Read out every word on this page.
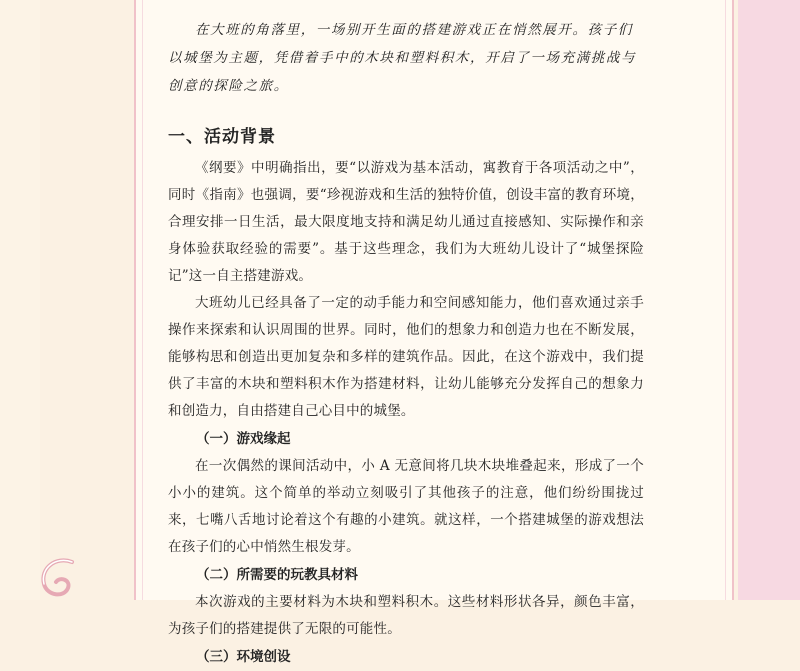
在大班的角落里，一场别开生面的搭建游戏正在悄然展开。孩子们以城堡为主题，凭借着手中的木块和塑料积木，开启了一场充满挑战与创意的探险之旅。

一、活动背景

《纲要》中明确指出，要“以游戏为基本活动，寓教育于各项活动之中”，同时《指南》也强调，要“珍视游戏和生活的独特价值，创设丰富的教育环境，合理安排一日生活，最大限度地支持和满足幼儿通过直接感知、实际操作和亲身体验获取经验的需要”。基于这些理念，我们为大班幼儿设计了“城堡探险记”这一自主搭建游戏。

大班幼儿已经具备了一定的动手能力和空间感知能力，他们喜欢通过亲手操作来探索和认识周围的世界。同时，他们的想象力和创造力也在不断发展，能够构思和创造出更加复杂和多样的建筑作品。因此，在这个游戏中，我们提供了丰富的木块和塑料积木作为搭建材料，让幼儿能够充分发挥自己的想象力和创造力，自由搭建自己心目中的城堡。

（一）游戏缘起

在一次偶然的课间活动中，小 A 无意间将几块木块堆叠起来，形成了一个小小的建筑。这个简单的举动立刻吸引了其他孩子的注意，他们纷纷围拢过来，七嘴八舌地讨论着这个有趣的小建筑。就这样，一个搭建城堡的游戏想法在孩子们的心中悄然生根发芽。

（二）所需要的玩教具材料

本次游戏的主要材料为木块和塑料积木。这些材料形状各异，颜色丰富，为孩子们的搭建提供了无限的可能性。

（三）环境创设
